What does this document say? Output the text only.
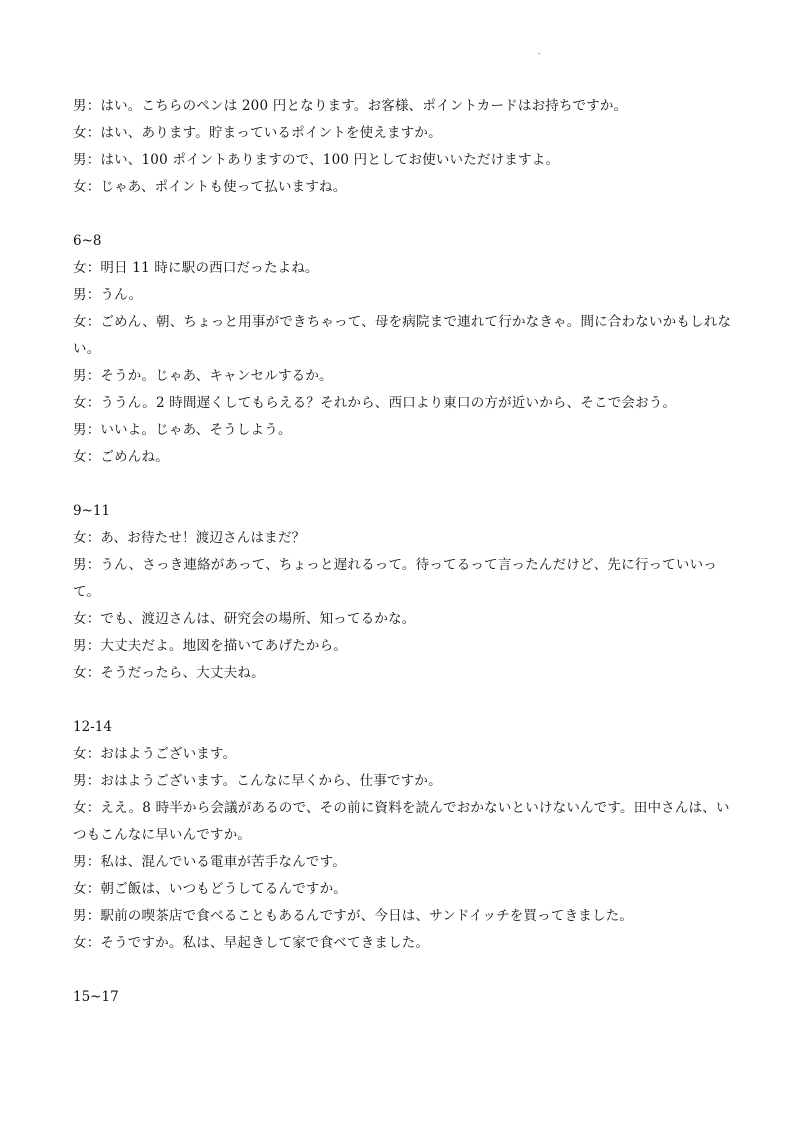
.

男：はい。こちらのペンは 200 円となります。お客様、ポイントカードはお持ちですか。

女：はい、あります。貯まっているポイントを使えますか。

男：はい、100 ポイントありますので、100 円としてお使いいただけますよ。

女：じゃあ、ポイントも使って払いますね。

6~8

女：明日 11 時に駅の西口だったよね。

男：うん。

女：ごめん、朝、ちょっと用事ができちゃって、母を病院まで連れて行かなきゃ。間に合わないかもしれない。

男：そうか。じゃあ、キャンセルするか。

女：ううん。2 時間遅くしてもらえる？それから、西口より東口の方が近いから、そこで会おう。

男：いいよ。じゃあ、そうしよう。

女：ごめんね。

9~11

女：あ、お待たせ！渡辺さんはまだ？

男：うん、さっき連絡があって、ちょっと遅れるって。待ってるって言ったんだけど、先に行っていいって。

女：でも、渡辺さんは、研究会の場所、知ってるかな。

男：大丈夫だよ。地図を描いてあげたから。

女：そうだったら、大丈夫ね。

12-14

女：おはようございます。

男：おはようございます。こんなに早くから、仕事ですか。

女：ええ。8 時半から会議があるので、その前に資料を読んでおかないといけないんです。田中さんは、いつもこんなに早いんですか。

男：私は、混んでいる電車が苦手なんです。

女：朝ご飯は、いつもどうしてるんですか。

男：駅前の喫茶店で食べることもあるんですが、今日は、サンドイッチを買ってきました。

女：そうですか。私は、早起きして家で食べてきました。

15~17
